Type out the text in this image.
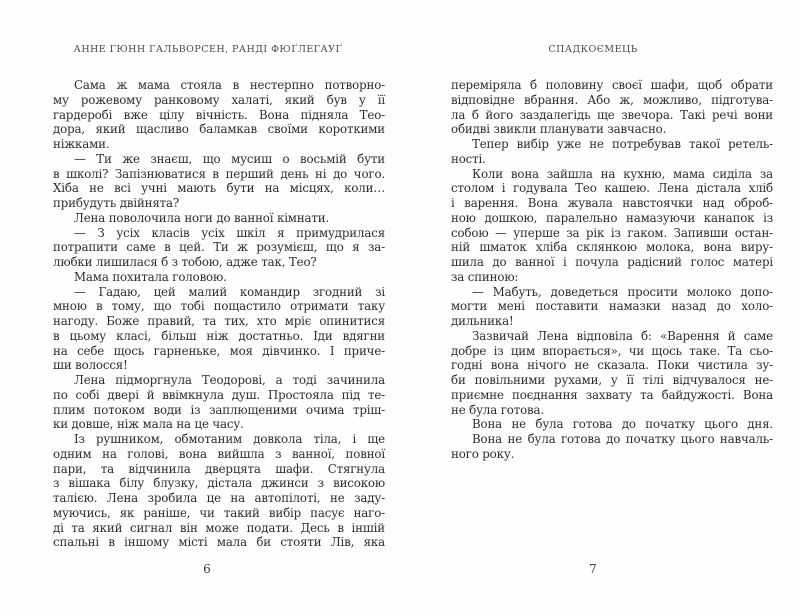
АННЕ ГЮНН ГАЛЬВОРСЕН, РАНДІ ФЮҐЛЕГАУҐ	СПАДКОЄМЕЦЬ
Сама ж мама стояла в нестерпно потворно-
му рожевому ранковому халаті, який був у її
гардеробі вже цілу вічність. Вона підняла Тео-
дора, який щасливо баламкав своїми короткими
ніжками.
— Ти же знаєш, що мусиш о восьмій бути
в школі? Запізнюватися в перший день ні до чого.
Хіба не всі учні мають бути на місцях, коли…
прибудуть двійнята?
Лена поволочила ноги до ванної кімнати.
— З усіх класів усіх шкіл я примудрилася
потрапити саме в цей. Ти ж розумієш, що я за-
любки лишилася б з тобою, адже так, Тео?
Мама похитала головою.
— Гадаю, цей малий командир згодний зі
мною в тому, що тобі пощастило отримати таку
нагоду. Боже правий, та тих, хто мріє опинитися
в цьому класі, більш ніж достатньо. Іди вдягни
на себе щось гарненьке, моя дівчинко. І приче-
ши волосся!
Лена підморгнула Теодорові, а тоді зачинила
по собі двері й ввімкнула душ. Простояла під те-
плим потоком води із заплющеними очима тріш-
ки довше, ніж мала на це часу.
Із рушником, обмотаним довкола тіла, і ще
одним на голові, вона вийшла з ванної, повної
пари, та відчинила дверцята шафи. Стягнула
з вішака білу блузку, дістала джинси з високою
талією. Лена зробила це на автопілоті, не заду-
муючись, як раніше, чи такий вибір пасує наго-
ді та який сигнал він може подати. Десь в іншій
спальні в іншому місті мала би стояти Лів, яка
переміряла б половину своєї шафи, щоб обрати
відповідне вбрання. Або ж, можливо, підготува-
ла б його заздалегідь ще звечора. Такі речі вони
обидві звикли планувати завчасно.
Тепер вибір уже не потребував такої ретель-
ності.
Коли вона зайшла на кухню, мама сиділа за
столом і годувала Тео кашею. Лена дістала хліб
і варення. Вона жувала навстоячки над оброб-
ною дошкою, паралельно намазуючи канапок із
собою — уперше за рік із гаком. Запивши остан-
ній шматок хліба склянкою молока, вона виру-
шила до ванної і почула радісний голос матері
за спиною:
— Мабуть, доведеться просити молоко допо-
могти мені поставити намазки назад до холо-
дильника!
Зазвичай Лена відповіла б: «Варення й саме
добре із цим впорається», чи щось таке. Та сьо-
годні вона нічого не сказала. Поки чистила зу-
би повільними рухами, у її тілі відчувалося не-
приємне поєднання захвату та байдужості. Вона
не була готова.
Вона не була готова до початку цього дня.
Вона не була готова до початку цього навчаль-
ного року.
6	7
